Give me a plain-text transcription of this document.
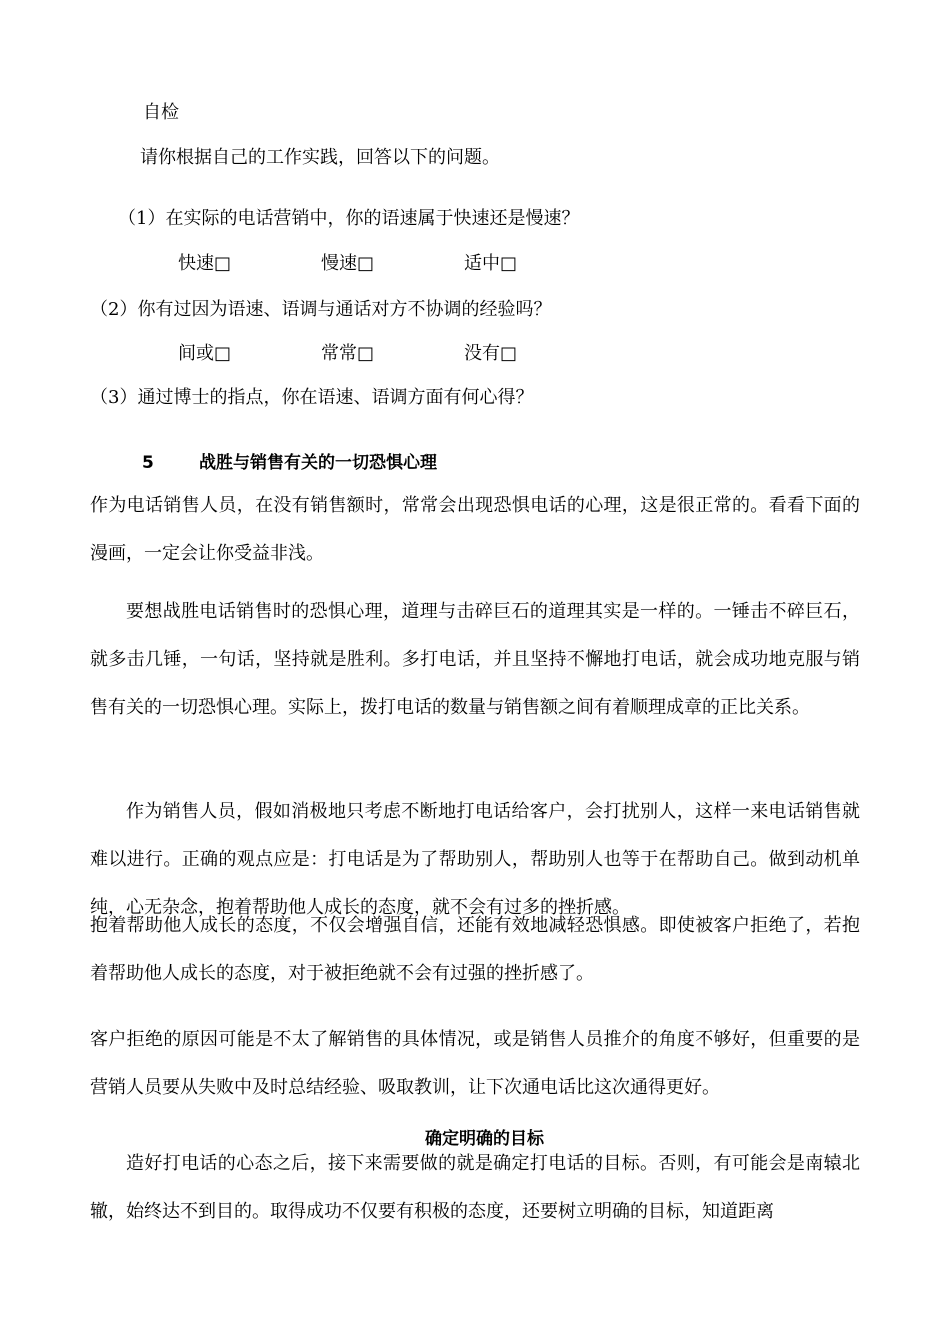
自检
请你根据自己的工作实践，回答以下的问题。
（1）在实际的电话营销中，你的语速属于快速还是慢速？
快速□	慢速□	适中□
（2）你有过因为语速、语调与通话对方不协调的经验吗？
间或□	常常□	没有□
（3）通过博士的指点，你在语速、语调方面有何心得？
5	战胜与销售有关的一切恐惧心理
作为电话销售人员，在没有销售额时，常常会出现恐惧电话的心理，这是很正常的。看看下面的漫画，一定会让你受益非浅。
要想战胜电话销售时的恐惧心理，道理与击碎巨石的道理其实是一样的。一锤击不碎巨石，就多击几锤，一句话，坚持就是胜利。多打电话，并且坚持不懈地打电话，就会成功地克服与销售有关的一切恐惧心理。实际上，拨打电话的数量与销售额之间有着顺理成章的正比关系。
作为销售人员，假如消极地只考虑不断地打电话给客户，会打扰别人，这样一来电话销售就难以进行。正确的观点应是：打电话是为了帮助别人，帮助别人也等于在帮助自己。做到动机单纯，心无杂念，抱着帮助他人成长的态度，就不会有过多的挫折感。
抱着帮助他人成长的态度，不仅会增强自信，还能有效地减轻恐惧感。即使被客户拒绝了，若抱着帮助他人成长的态度，对于被拒绝就不会有过强的挫折感了。
客户拒绝的原因可能是不太了解销售的具体情况，或是销售人员推介的角度不够好，但重要的是营销人员要从失败中及时总结经验、吸取教训，让下次通电话比这次通得更好。
确定明确的目标
造好打电话的心态之后，接下来需要做的就是确定打电话的目标。否则，有可能会是南辕北辙，始终达不到目的。取得成功不仅要有积极的态度，还要树立明确的目标，知道距离
